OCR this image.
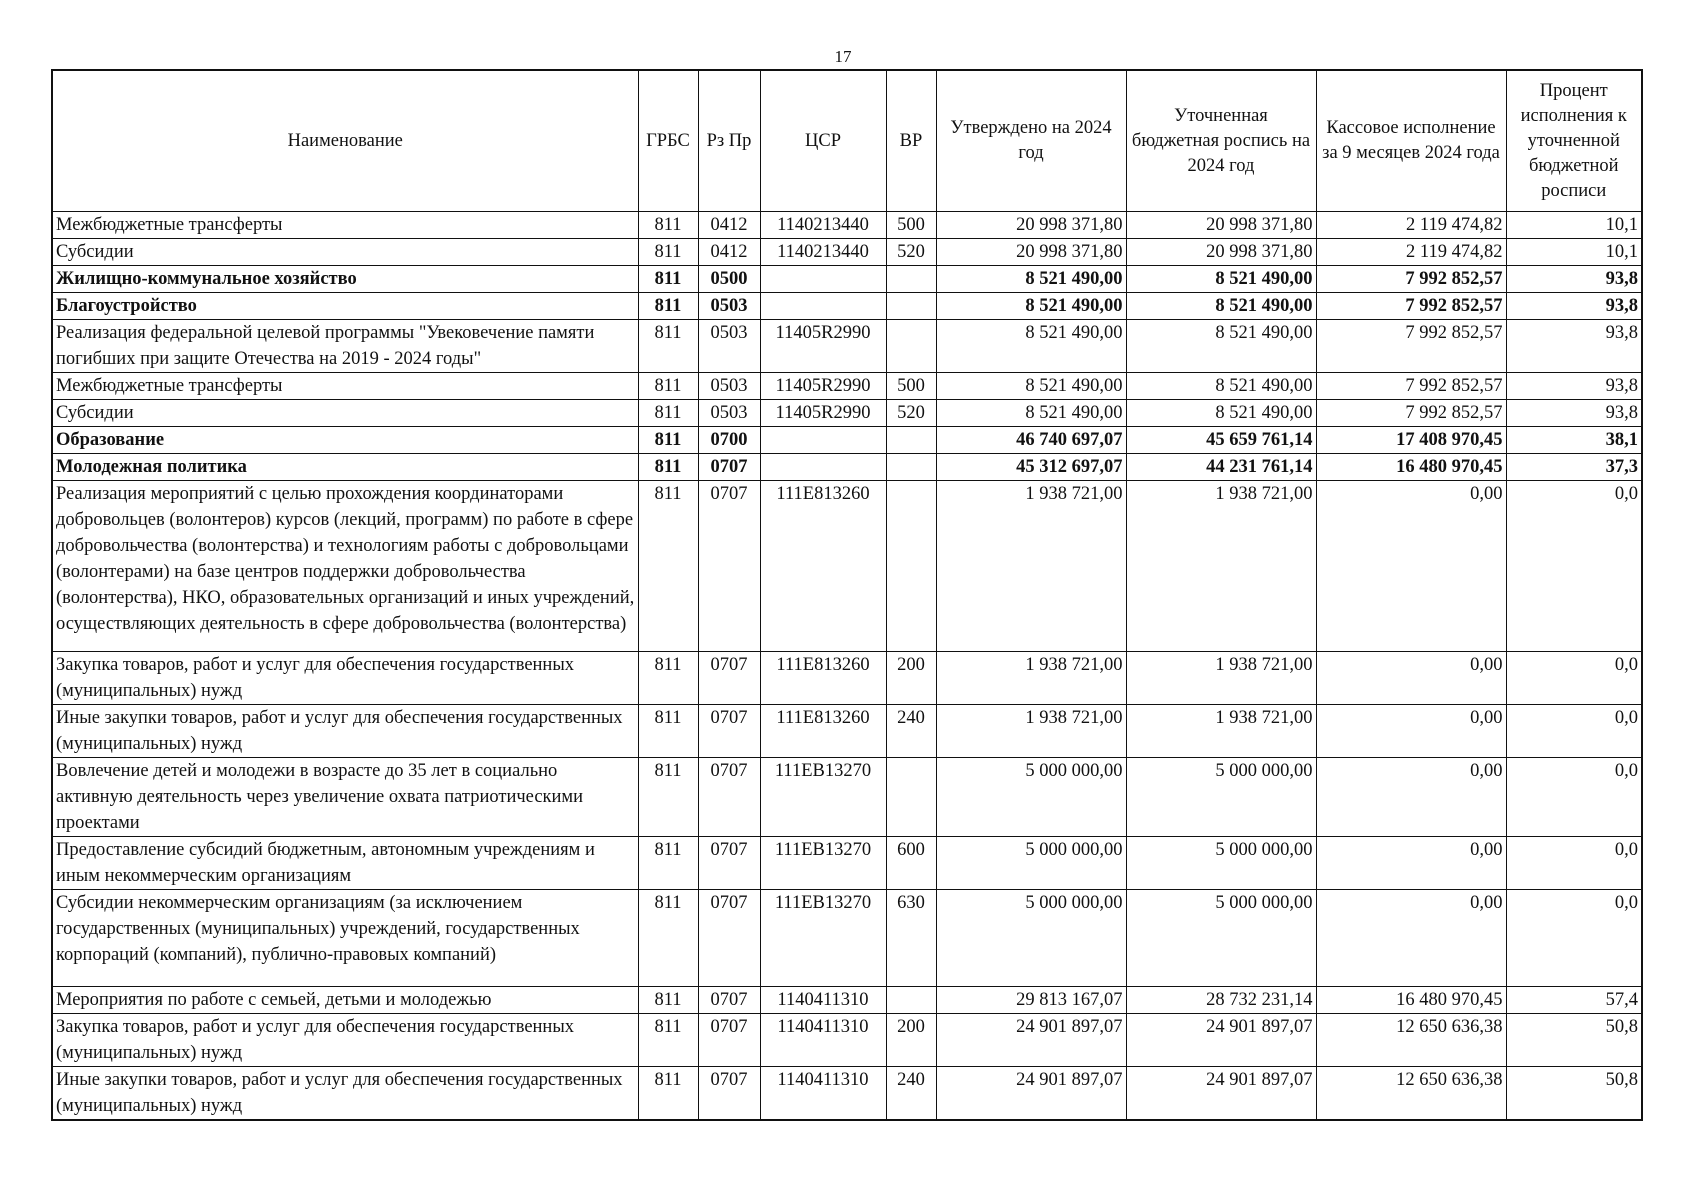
17
Наименование	ГРБС	Рз Пр	ЦСР	ВР	Утверждено на 2024 год	Уточненная бюджетная роспись на 2024 год	Кассовое исполнение за 9 месяцев 2024 года	Процент исполнения к уточненной бюджетной росписи
Межбюджетные трансферты	811	0412	1140213440	500	20 998 371,80	20 998 371,80	2 119 474,82	10,1
Субсидии	811	0412	1140213440	520	20 998 371,80	20 998 371,80	2 119 474,82	10,1
Жилищно-коммунальное хозяйство	811	0500			8 521 490,00	8 521 490,00	7 992 852,57	93,8
Благоустройство	811	0503			8 521 490,00	8 521 490,00	7 992 852,57	93,8
Реализация федеральной целевой программы "Увековечение памяти погибших при защите Отечества на 2019 - 2024 годы"	811	0503	11405R2990		8 521 490,00	8 521 490,00	7 992 852,57	93,8
Межбюджетные трансферты	811	0503	11405R2990	500	8 521 490,00	8 521 490,00	7 992 852,57	93,8
Субсидии	811	0503	11405R2990	520	8 521 490,00	8 521 490,00	7 992 852,57	93,8
Образование	811	0700			46 740 697,07	45 659 761,14	17 408 970,45	38,1
Молодежная политика	811	0707			45 312 697,07	44 231 761,14	16 480 970,45	37,3
Реализация мероприятий с целью прохождения координаторами добровольцев (волонтеров) курсов (лекций, программ) по работе в сфере добровольчества (волонтерства) и технологиям работы с добровольцами (волонтерами) на базе центров поддержки добровольчества (волонтерства), НКО, образовательных организаций и иных учреждений, осуществляющих деятельность в сфере добровольчества (волонтерства)	811	0707	111E813260		1 938 721,00	1 938 721,00	0,00	0,0
Закупка товаров, работ и услуг для обеспечения государственных (муниципальных) нужд	811	0707	111E813260	200	1 938 721,00	1 938 721,00	0,00	0,0
Иные закупки товаров, работ и услуг для обеспечения государственных (муниципальных) нужд	811	0707	111E813260	240	1 938 721,00	1 938 721,00	0,00	0,0
Вовлечение детей и молодежи в возрасте до 35 лет в социально активную деятельность через увеличение охвата патриотическими проектами	811	0707	111EB13270		5 000 000,00	5 000 000,00	0,00	0,0
Предоставление субсидий бюджетным, автономным учреждениям и иным некоммерческим организациям	811	0707	111EB13270	600	5 000 000,00	5 000 000,00	0,00	0,0
Субсидии некоммерческим организациям (за исключением государственных (муниципальных) учреждений, государственных корпораций (компаний), публично-правовых компаний)	811	0707	111EB13270	630	5 000 000,00	5 000 000,00	0,00	0,0
Мероприятия по работе с семьей, детьми и молодежью	811	0707	1140411310		29 813 167,07	28 732 231,14	16 480 970,45	57,4
Закупка товаров, работ и услуг для обеспечения государственных (муниципальных) нужд	811	0707	1140411310	200	24 901 897,07	24 901 897,07	12 650 636,38	50,8
Иные закупки товаров, работ и услуг для обеспечения государственных (муниципальных) нужд	811	0707	1140411310	240	24 901 897,07	24 901 897,07	12 650 636,38	50,8
